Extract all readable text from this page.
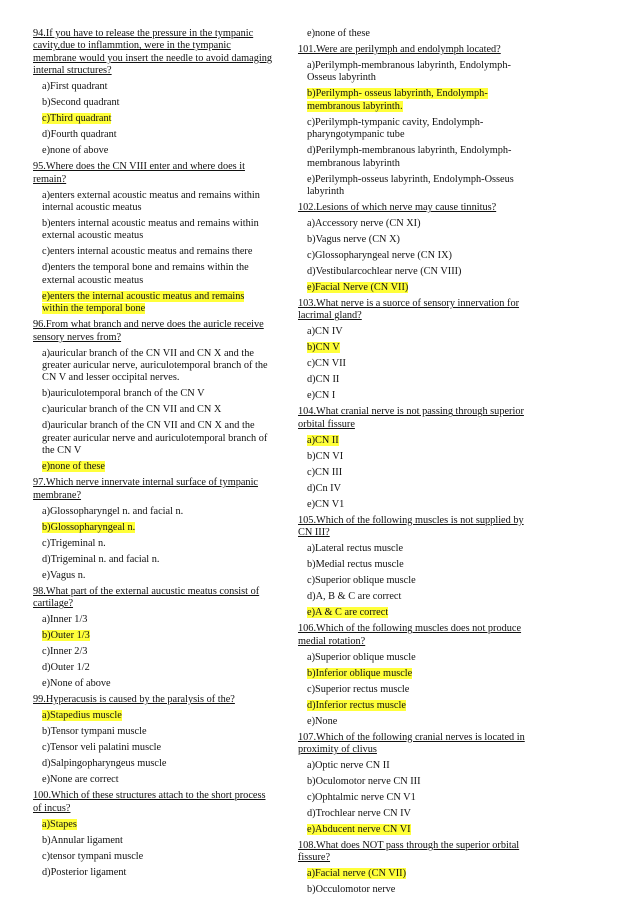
94.If you have to release the pressure in the tympanic cavity,due to inflammtion, were in the tympanic membrane would you insert the needle to avoid damaging internal structures?
a)First quadrant
b)Second quadrant
c)Third quadrant
d)Fourth quadrant
e)none of above
95.Where does the CN VIII enter and where does it remain?
a)enters external acoustic meatus and remains within internal acoustic meatus
b)enters internal acoustic meatus and remains within external acoustic meatus
c)enters internal acoustic meatus and remains there
d)enters the temporal bone and remains within the external acoustic meatus
e)enters the internal acoustic meatus and remains within the temporal bone
96.From what branch and nerve does the auricle receive sensory nerves from?
a)auricular branch of the CN VII and CN X and the greater auricular nerve, auriculotemporal branch of the CN V and lesser occipital nerves.
b)auriculotemporal branch of the CN V
c)auricular branch of the CN VII and CN X
d)auricular branch of the CN VII and CN X and the greater auricular nerve and auriculotemporal branch of the CN V
e)none of these
97.Which nerve innervate internal surface of tympanic membrane?
a)Glossopharyngel n. and facial n.
b)Glossopharyngeal n.
c)Trigeminal n.
d)Trigeminal n. and facial n.
e)Vagus n.
98.What part of the external aucustic meatus consist of cartilage?
a)Inner 1/3
b)Outer 1/3
c)Inner 2/3
d)Outer 1/2
e)None of above
99.Hyperacusis is caused by the paralysis of the?
a)Stapedius muscle
b)Tensor tympani muscle
c)Tensor veli palatini muscle
d)Salpingopharyngeus muscle
e)None are correct
100.Which of these structures attach to the short process of incus?
a)Stapes
b)Annular ligament
c)tensor tympani muscle
d)Posterior ligament
e)none of these
101.Were are perilymph and endolymph located?
a)Perilymph-membranous labyrinth, Endolymph-Osseus labyrinth
b)Perilymph- osseus labyrinth, Endolymph-membranous labyrinth.
c)Perilymph-tympanic cavity, Endolymph-pharyngotympanic tube
d)Perilymph-membranous labyrinth, Endolymph-membranous labyrinth
e)Perilymph-osseus labyrinth, Endolymph-Osseus labyrinth
102.Lesions of which nerve may cause tinnitus?
a)Accessory nerve (CN XI)
b)Vagus nerve (CN X)
c)Glossopharyngeal nerve (CN IX)
d)Vestibularcochlear nerve (CN VIII)
e)Facial Nerve (CN VII)
103.What nerve is a suorce of sensory innervation for lacrimal gland?
a)CN IV
b)CN V
c)CN VII
d)CN II
e)CN I
104.What cranial nerve is not passing through superior orbital fissure
a)CN II
b)CN VI
c)CN III
d)Cn IV
e)CN V1
105.Which of the following muscles is not supplied by CN III?
a)Lateral rectus muscle
b)Medial rectus muscle
c)Superior oblique muscle
d)A, B & C are correct
e)A & C are correct
106.Which of the following muscles does not produce medial rotation?
a)Superior oblique muscle
b)Inferior oblique muscle
c)Superior rectus muscle
d)Inferior rectus muscle
e)None
107.Which of the following cranial nerves is located in proximity of clivus
a)Optic nerve CN II
b)Oculomotor nerve CN III
c)Ophtalmic nerve CN V1
d)Trochlear nerve CN IV
e)Abducent nerve CN VI
108.What does NOT pass through the superior orbital fissure?
a)Facial nerve (CN VII)
b)Occulomotor nerve
